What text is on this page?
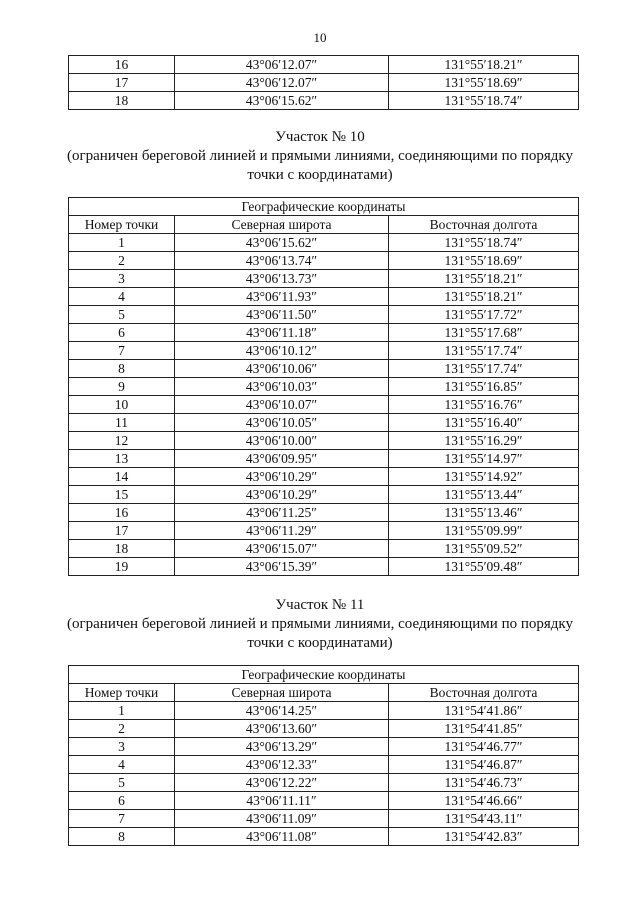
10
16	43°06′12.07″	131°55′18.21″
17	43°06′12.07″	131°55′18.69″
18	43°06′15.62″	131°55′18.74″
Участок № 10
(ограничен береговой линией и прямыми линиями, соединяющими по порядку
точки с координатами)
Географические координаты		
Номер точки	Северная широта	Восточная долгота
1	43°06′15.62″	131°55′18.74″
2	43°06′13.74″	131°55′18.69″
3	43°06′13.73″	131°55′18.21″
4	43°06′11.93″	131°55′18.21″
5	43°06′11.50″	131°55′17.72″
6	43°06′11.18″	131°55′17.68″
7	43°06′10.12″	131°55′17.74″
8	43°06′10.06″	131°55′17.74″
9	43°06′10.03″	131°55′16.85″
10	43°06′10.07″	131°55′16.76″
11	43°06′10.05″	131°55′16.40″
12	43°06′10.00″	131°55′16.29″
13	43°06′09.95″	131°55′14.97″
14	43°06′10.29″	131°55′14.92″
15	43°06′10.29″	131°55′13.44″
16	43°06′11.25″	131°55′13.46″
17	43°06′11.29″	131°55′09.99″
18	43°06′15.07″	131°55′09.52″
19	43°06′15.39″	131°55′09.48″
Участок № 11
(ограничен береговой линией и прямыми линиями, соединяющими по порядку
точки с координатами)
Географические координаты		
Номер точки	Северная широта	Восточная долгота
1	43°06′14.25″	131°54′41.86″
2	43°06′13.60″	131°54′41.85″
3	43°06′13.29″	131°54′46.77″
4	43°06′12.33″	131°54′46.87″
5	43°06′12.22″	131°54′46.73″
6	43°06′11.11″	131°54′46.66″
7	43°06′11.09″	131°54′43.11″
8	43°06′11.08″	131°54′42.83″
